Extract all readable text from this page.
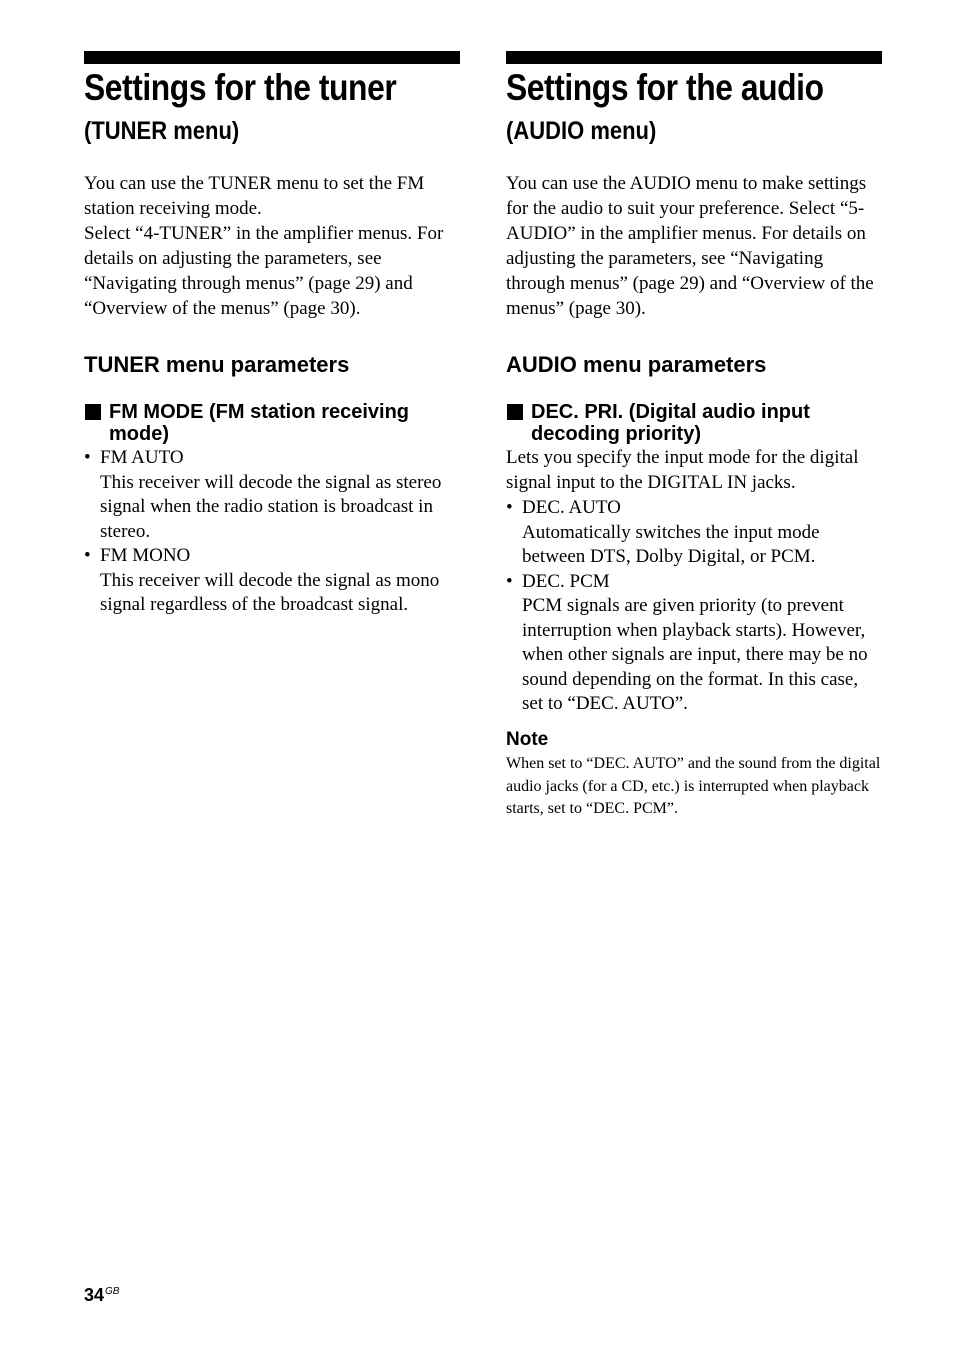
Settings for the tuner
(TUNER menu)

You can use the TUNER menu to set the FM station receiving mode.

Select “4-TUNER” in the amplifier menus. For details on adjusting the parameters, see “Navigating through menus” (page 29) and “Overview of the menus” (page 30).

TUNER menu parameters
FM MODE (FM station receiving mode)
• FM AUTO
This receiver will decode the signal as stereo signal when the radio station is broadcast in stereo.
• FM MONO
This receiver will decode the signal as mono signal regardless of the broadcast signal.
Settings for the audio
(AUDIO menu)

You can use the AUDIO menu to make settings for the audio to suit your preference. Select “5-AUDIO” in the amplifier menus. For details on adjusting the parameters, see “Navigating through menus” (page 29) and “Overview of the menus” (page 30).

AUDIO menu parameters
DEC. PRI. (Digital audio input decoding priority)

Lets you specify the input mode for the digital signal input to the DIGITAL IN jacks.

• DEC. AUTO
Automatically switches the input mode between DTS, Dolby Digital, or PCM.
• DEC. PCM
PCM signals are given priority (to prevent interruption when playback starts). However, when other signals are input, there may be no sound depending on the format. In this case, set to “DEC. AUTO”.

Note

When set to “DEC. AUTO” and the sound from the digital audio jacks (for a CD, etc.) is interrupted when playback starts, set to “DEC. PCM”.

$34^{GB}$
